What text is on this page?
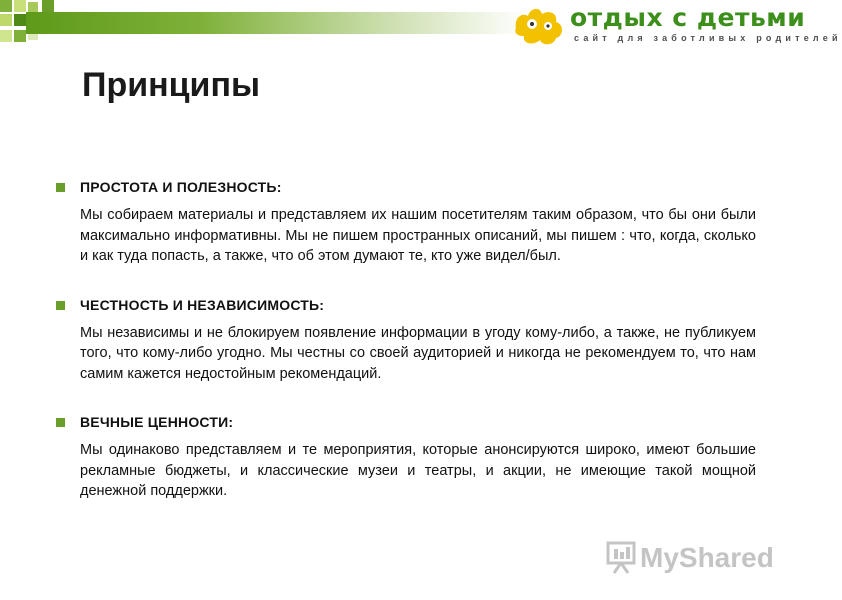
отдых с детьми
сайт для заботливых родителей
Принципы
ПРОСТОТА И ПОЛЕЗНОСТЬ:
Мы собираем материалы и представляем их нашим посетителям таким образом, что бы они были максимально информативны. Мы не пишем пространных описаний, мы пишем : что, когда, сколько и как туда попасть, а также, что об этом думают те, кто уже видел/был.
ЧЕСТНОСТЬ И НЕЗАВИСИМОСТЬ:
Мы независимы и не блокируем появление информации в угоду кому-либо, а также, не публикуем того, что кому-либо угодно. Мы честны со своей аудиторией и никогда не рекомендуем то, что нам самим кажется недостойным рекомендаций.
ВЕЧНЫЕ ЦЕННОСТИ:
Мы одинаково представляем и те мероприятия, которые анонсируются широко, имеют большие рекламные бюджеты, и классические музеи и театры, и акции, не имеющие такой мощной денежной поддержки.
MyShared
